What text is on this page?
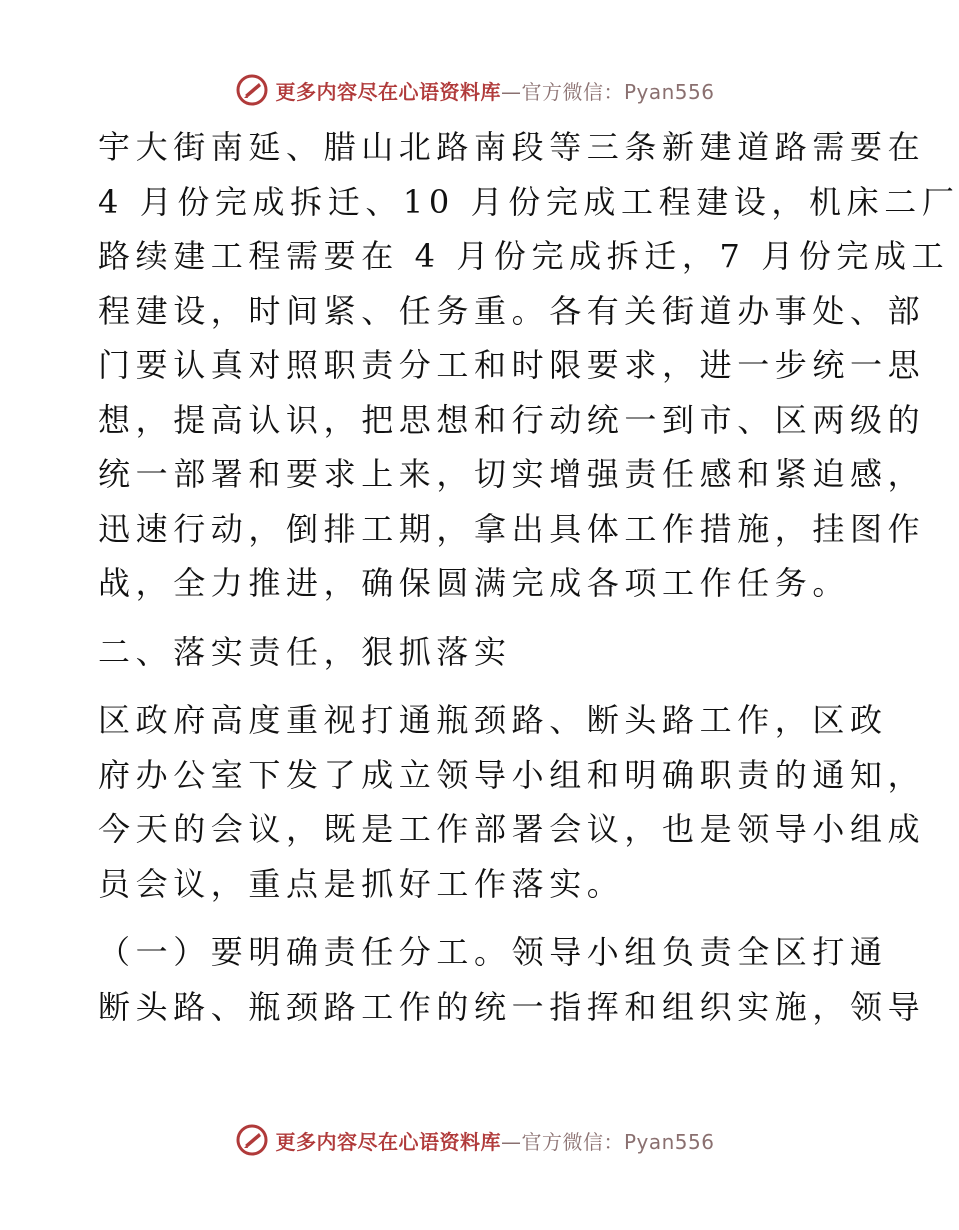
更多内容尽在心语资料库—官方微信：Pyan556
宇大街南延、腊山北路南段等三条新建道路需要在
4 月份完成拆迁、10 月份完成工程建设，机床二厂
路续建工程需要在 4 月份完成拆迁，7 月份完成工
程建设，时间紧、任务重。各有关街道办事处、部
门要认真对照职责分工和时限要求，进一步统一思
想，提高认识，把思想和行动统一到市、区两级的
统一部署和要求上来，切实增强责任感和紧迫感，
迅速行动，倒排工期，拿出具体工作措施，挂图作
战，全力推进，确保圆满完成各项工作任务。
二、落实责任，狠抓落实
区政府高度重视打通瓶颈路、断头路工作，区政
府办公室下发了成立领导小组和明确职责的通知，
今天的会议，既是工作部署会议，也是领导小组成
员会议，重点是抓好工作落实。
（一）要明确责任分工。领导小组负责全区打通
断头路、瓶颈路工作的统一指挥和组织实施，领导
更多内容尽在心语资料库—官方微信：Pyan556
